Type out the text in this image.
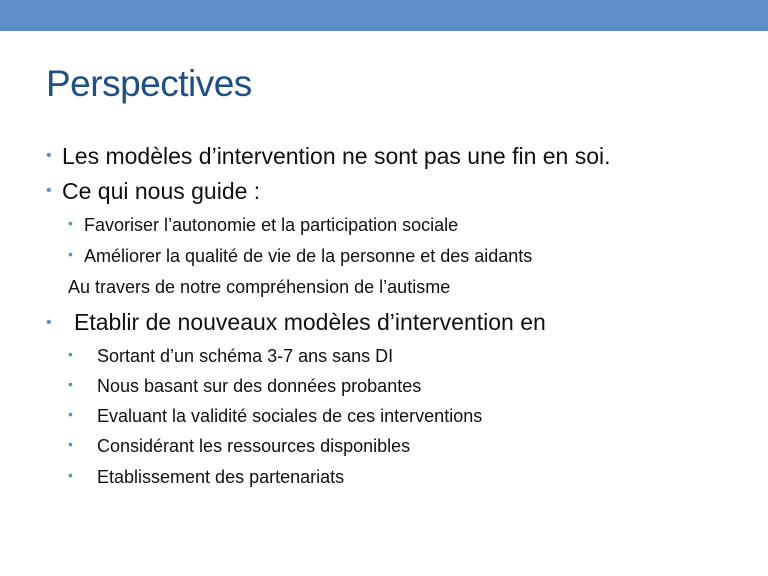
Perspectives
• Les modèles d’intervention ne sont pas une fin en soi.
• Ce qui nous guide :
• Favoriser l’autonomie et la participation sociale
• Améliorer la qualité de vie de la personne et des aidants
Au travers de notre compréhension de l’autisme
• Etablir de nouveaux modèles d’intervention en
• Sortant d’un schéma 3-7 ans sans DI
• Nous basant sur des données probantes
• Evaluant la validité sociales de ces interventions
• Considérant les ressources disponibles
• Etablissement des partenariats
